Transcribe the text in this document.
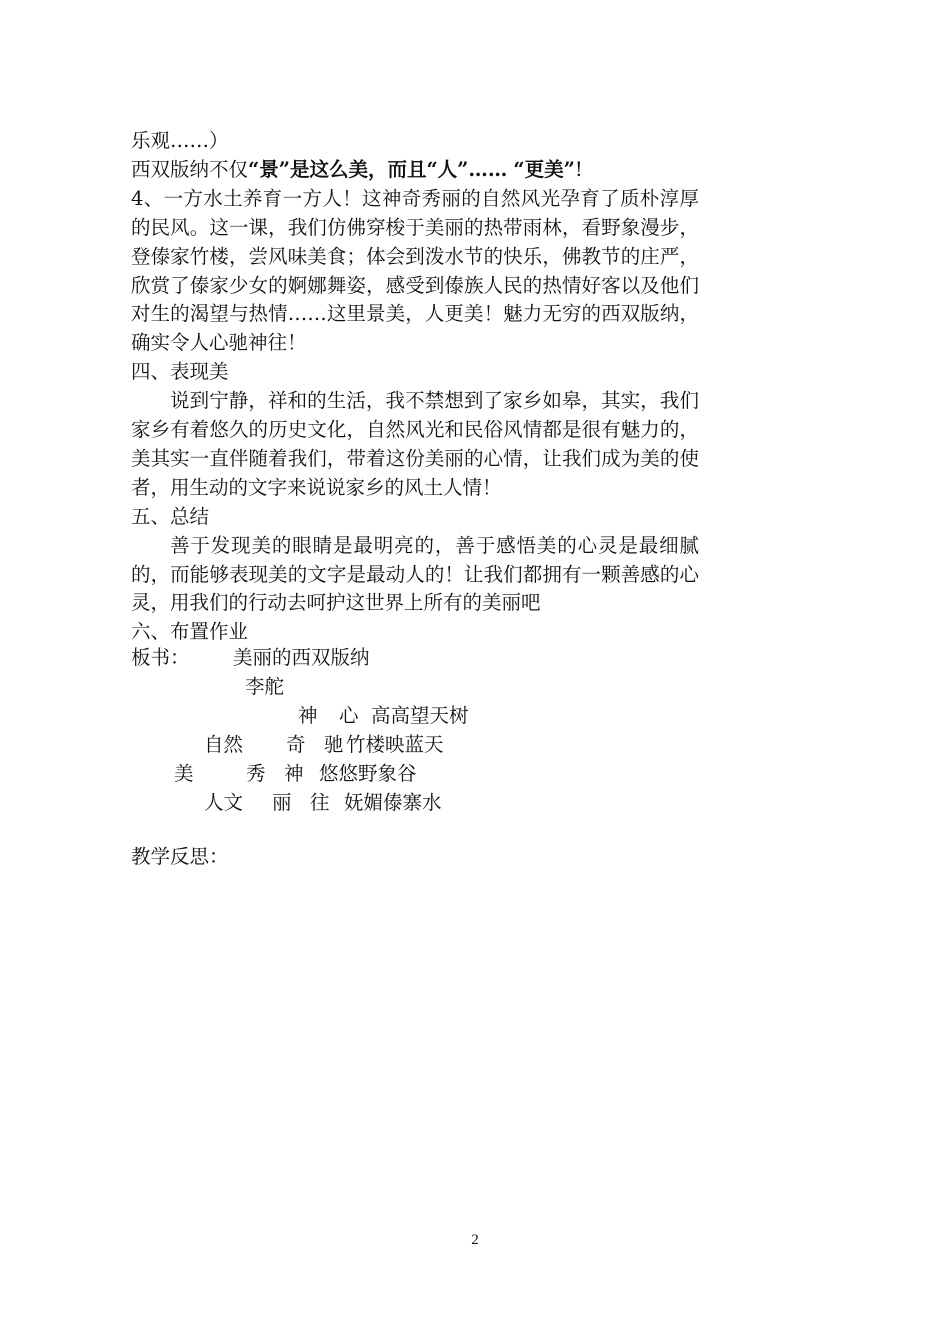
乐观……）
西双版纳不仅“景”是这么美，而且“人”…… “更美”!
4、一方水土养育一方人！这神奇秀丽的自然风光孕育了质朴淳厚的民风。这一课，我们仿佛穿梭于美丽的热带雨林，看野象漫步，登傣家竹楼，尝风味美食；体会到泼水节的快乐，佛教节的庄严，欣赏了傣家少女的婀娜舞姿，感受到傣族人民的热情好客以及他们对生的渴望与热情……这里景美，人更美！魅力无穷的西双版纳，确实令人心驰神往！
四、表现美
说到宁静，祥和的生活，我不禁想到了家乡如皋，其实，我们家乡有着悠久的历史文化，自然风光和民俗风情都是很有魅力的，美其实一直伴随着我们，带着这份美丽的心情，让我们成为美的使者，用生动的文字来说说家乡的风土人情！
五、总结
善于发现美的眼睛是最明亮的，善于感悟美的心灵是最细腻的，而能够表现美的文字是最动人的！让我们都拥有一颗善感的心灵，用我们的行动去呵护这世界上所有的美丽吧
六、布置作业
板书： 美丽的西双版纳
李舵
神 心 高高望天树
自然 奇 驰 竹楼映蓝天
美	秀 神 悠悠野象谷
人文 丽 往 妩媚傣寨水
教学反思：
2
